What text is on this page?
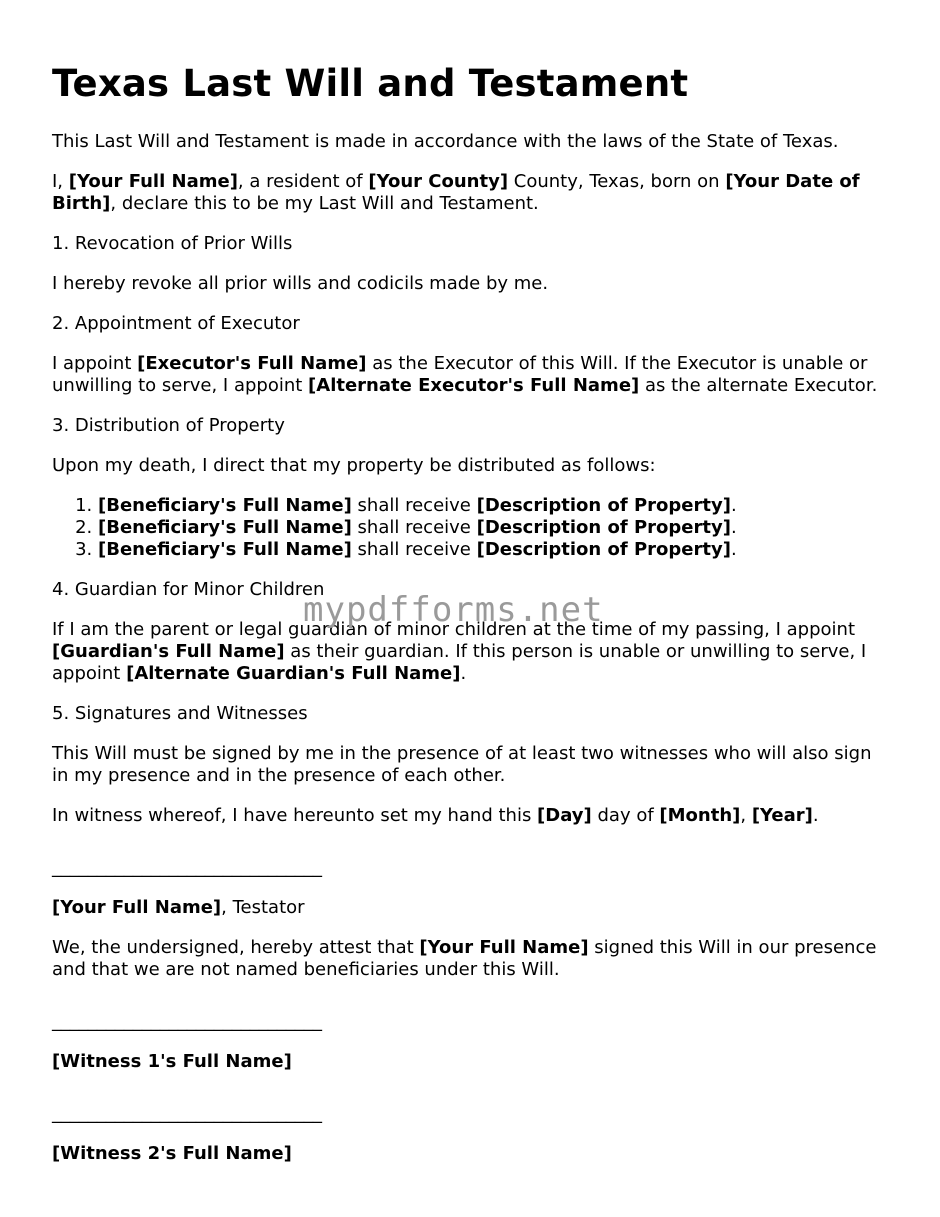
Texas Last Will and Testament

This Last Will and Testament is made in accordance with the laws of the State of Texas.

I, [Your Full Name], a resident of [Your County] County, Texas, born on [Your Date of Birth], declare this to be my Last Will and Testament.

1. Revocation of Prior Wills

I hereby revoke all prior wills and codicils made by me.

2. Appointment of Executor

I appoint [Executor's Full Name] as the Executor of this Will. If the Executor is unable or unwilling to serve, I appoint [Alternate Executor's Full Name] as the alternate Executor.

3. Distribution of Property

Upon my death, I direct that my property be distributed as follows:

1. [Beneficiary's Full Name] shall receive [Description of Property].
2. [Beneficiary's Full Name] shall receive [Description of Property].
3. [Beneficiary's Full Name] shall receive [Description of Property].

4. Guardian for Minor Children

If I am the parent or legal guardian of minor children at the time of my passing, I appoint [Guardian's Full Name] as their guardian. If this person is unable or unwilling to serve, I appoint [Alternate Guardian's Full Name].

5. Signatures and Witnesses

This Will must be signed by me in the presence of at least two witnesses who will also sign in my presence and in the presence of each other.

In witness whereof, I have hereunto set my hand this [Day] day of [Month], [Year].

______________________________

[Your Full Name], Testator

We, the undersigned, hereby attest that [Your Full Name] signed this Will in our presence and that we are not named beneficiaries under this Will.

______________________________

[Witness 1's Full Name]

______________________________

[Witness 2's Full Name]

mypdfforms.net
